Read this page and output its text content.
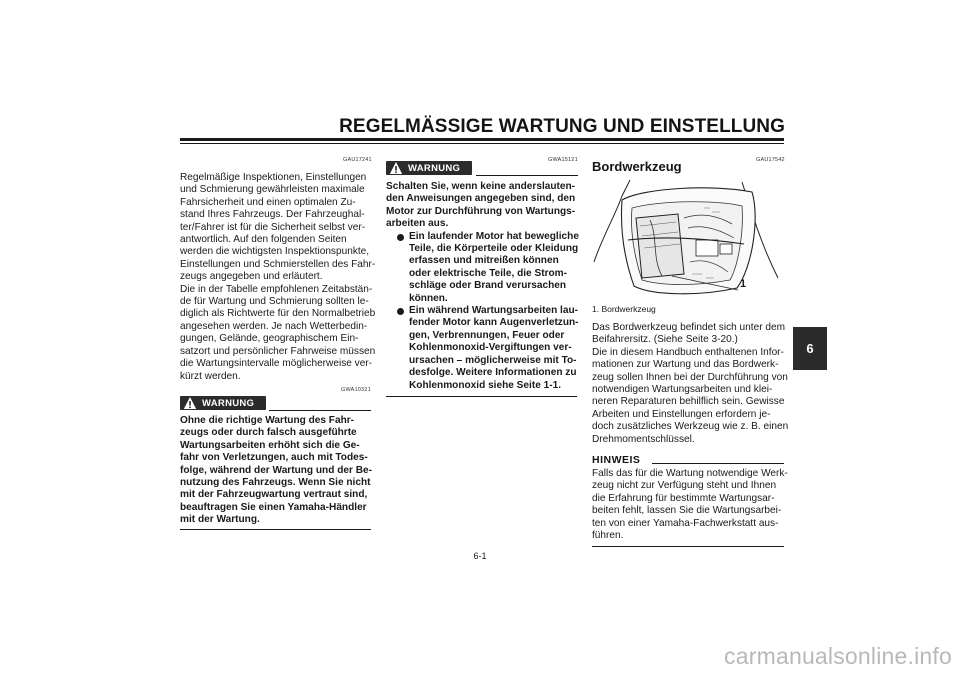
REGELMÄSSIGE WARTUNG UND EINSTELLUNG
GAU17241
Regelmäßige Inspektionen, Einstellungen
und Schmierung gewährleisten maximale
Fahrsicherheit und einen optimalen Zu-
stand Ihres Fahrzeugs. Der Fahrzeughal-
ter/Fahrer ist für die Sicherheit selbst ver-
antwortlich. Auf den folgenden Seiten
werden die wichtigsten Inspektionspunkte,
Einstellungen und Schmierstellen des Fahr-
zeugs angegeben und erläutert.
Die in der Tabelle empfohlenen Zeitabstän-
de für Wartung und Schmierung sollten le-
diglich als Richtwerte für den Normalbetrieb
angesehen werden. Je nach Wetterbedin-
gungen, Gelände, geographischem Ein-
satzort und persönlicher Fahrweise müssen
die Wartungsintervalle möglicherweise ver-
kürzt werden.
GWA10321
WARNUNG
Ohne die richtige Wartung des Fahr-
zeugs oder durch falsch ausgeführte
Wartungsarbeiten erhöht sich die Ge-
fahr von Verletzungen, auch mit Todes-
folge, während der Wartung und der Be-
nutzung des Fahrzeugs. Wenn Sie nicht
mit der Fahrzeugwartung vertraut sind,
beauftragen Sie einen Yamaha-Händler
mit der Wartung.
GWA15121
WARNUNG
Schalten Sie, wenn keine anderslauten-
den Anweisungen angegeben sind, den
Motor zur Durchführung von Wartungs-
arbeiten aus.
Ein laufender Motor hat bewegliche
Teile, die Körperteile oder Kleidung
erfassen und mitreißen können
oder elektrische Teile, die Strom-
schläge oder Brand verursachen
können.
Ein während Wartungsarbeiten lau-
fender Motor kann Augenverletzun-
gen, Verbrennungen, Feuer oder
Kohlenmonoxid-Vergiftungen ver-
ursachen – möglicherweise mit To-
desfolge. Weitere Informationen zu
Kohlenmonoxid siehe Seite 1-1.
GAU17542
Bordwerkzeug
1
1. Bordwerkzeug
Das Bordwerkzeug befindet sich unter dem
Beifahrersitz. (Siehe Seite 3-20.)
Die in diesem Handbuch enthaltenen Infor-
mationen zur Wartung und das Bordwerk-
zeug sollen Ihnen bei der Durchführung von
notwendigen Wartungsarbeiten und klei-
neren Reparaturen behilflich sein. Gewisse
Arbeiten und Einstellungen erfordern je-
doch zusätzliches Werkzeug wie z. B. einen
Drehmomentschlüssel.
HINWEIS
Falls das für die Wartung notwendige Werk-
zeug nicht zur Verfügung steht und Ihnen
die Erfahrung für bestimmte Wartungsar-
beiten fehlt, lassen Sie die Wartungsarbei-
ten von einer Yamaha-Fachwerkstatt aus-
führen.
6
6-1
carmanualsonline.info
